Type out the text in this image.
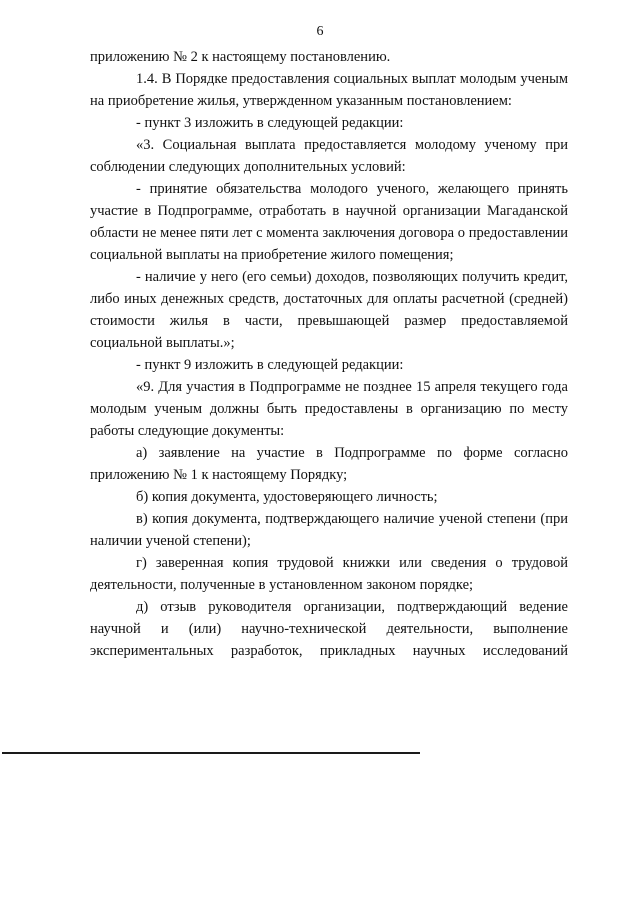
6

приложению № 2 к настоящему постановлению.

1.4. В Порядке предоставления социальных выплат молодым ученым на приобретение жилья, утвержденном указанным постановлением:

- пункт 3 изложить в следующей редакции:

«3. Социальная выплата предоставляется молодому ученому при соблюдении следующих дополнительных условий:

- принятие обязательства молодого ученого, желающего принять участие в Подпрограмме, отработать в научной организации Магаданской области не менее пяти лет с момента заключения договора о предоставлении социальной выплаты на приобретение жилого помещения;

- наличие у него (его семьи) доходов, позволяющих получить кредит, либо иных денежных средств, достаточных для оплаты расчетной (средней) стоимости жилья в части, превышающей размер предоставляемой социальной выплаты.»;

- пункт 9 изложить в следующей редакции:

«9. Для участия в Подпрограмме не позднее 15 апреля текущего года молодым ученым должны быть предоставлены в организацию по месту работы следующие документы:

а) заявление на участие в Подпрограмме по форме согласно приложению № 1 к настоящему Порядку;

б) копия документа, удостоверяющего личность;

в) копия документа, подтверждающего наличие ученой степени (при наличии ученой степени);

г) заверенная копия трудовой книжки или сведения о трудовой деятельности, полученные в установленном законом порядке;

д) отзыв руководителя организации, подтверждающий ведение научной и (или) научно-технической деятельности, выполнение экспериментальных разработок, прикладных научных исследований
